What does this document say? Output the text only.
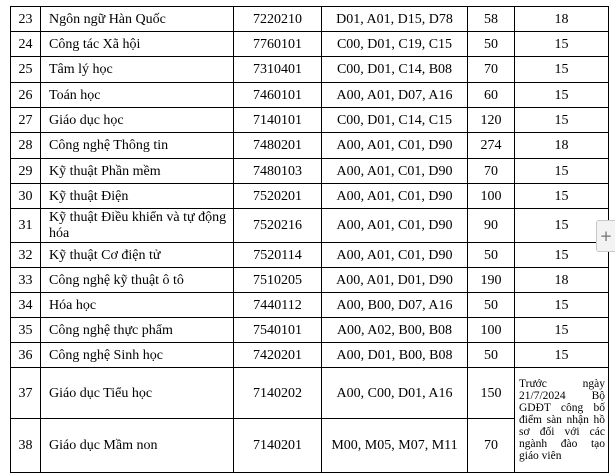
23	Ngôn ngữ Hàn Quốc	7220210	D01, A01, D15, D78	58	18
24	Công tác Xã hội	7760101	C00, D01, C19, C15	50	15
25	Tâm lý học	7310401	C00, D01, C14, B08	70	15
26	Toán học	7460101	A00, A01, D07, A16	60	15
27	Giáo dục học	7140101	C00, D01, C14, C15	120	15
28	Công nghệ Thông tin	7480201	A00, A01, C01, D90	274	18
29	Kỹ thuật Phần mềm	7480103	A00, A01, C01, D90	70	15
30	Kỹ thuật Điện	7520201	A00, A01, C01, D90	100	15
31	Kỹ thuật Điều khiển và tự động hóa	7520216	A00, A01, C01, D90	90	15
32	Kỹ thuật Cơ điện tử	7520114	A00, A01, C01, D90	50	15
33	Công nghệ kỹ thuật ô tô	7510205	A00, A01, D01, D90	190	18
34	Hóa học	7440112	A00, B00, D07, A16	50	15
35	Công nghệ thực phẩm	7540101	A00, A02, B00, B08	100	15
36	Công nghệ Sinh học	7420201	A00, D01, B00, B08	50	15
37	Giáo dục Tiểu học	7140202	A00, C00, D01, A16	150	Trước ngày 21/7/2024 Bộ GDĐT công bố điểm sàn nhận hồ sơ đối với các ngành đào tạo giáo viên
38	Giáo dục Mầm non	7140201	M00, M05, M07, M11	70	
+
